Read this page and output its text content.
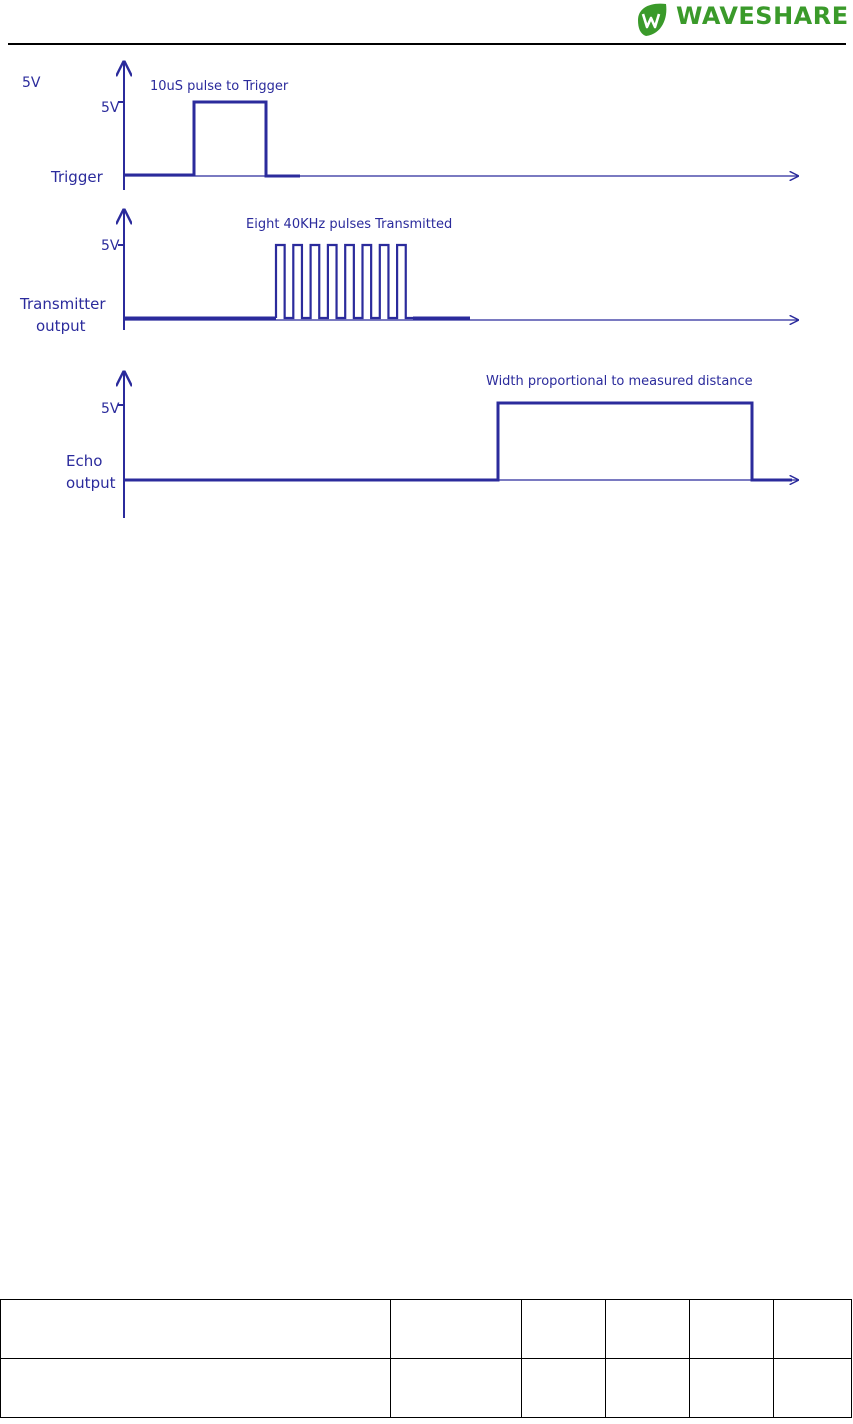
WAVESHARE
5V
5V
Trigger
10uS pulse to Trigger
5V
Transmitter
output
Eight 40KHz pulses Transmitted
5V
Echo
output
Width proportional to measured distance
